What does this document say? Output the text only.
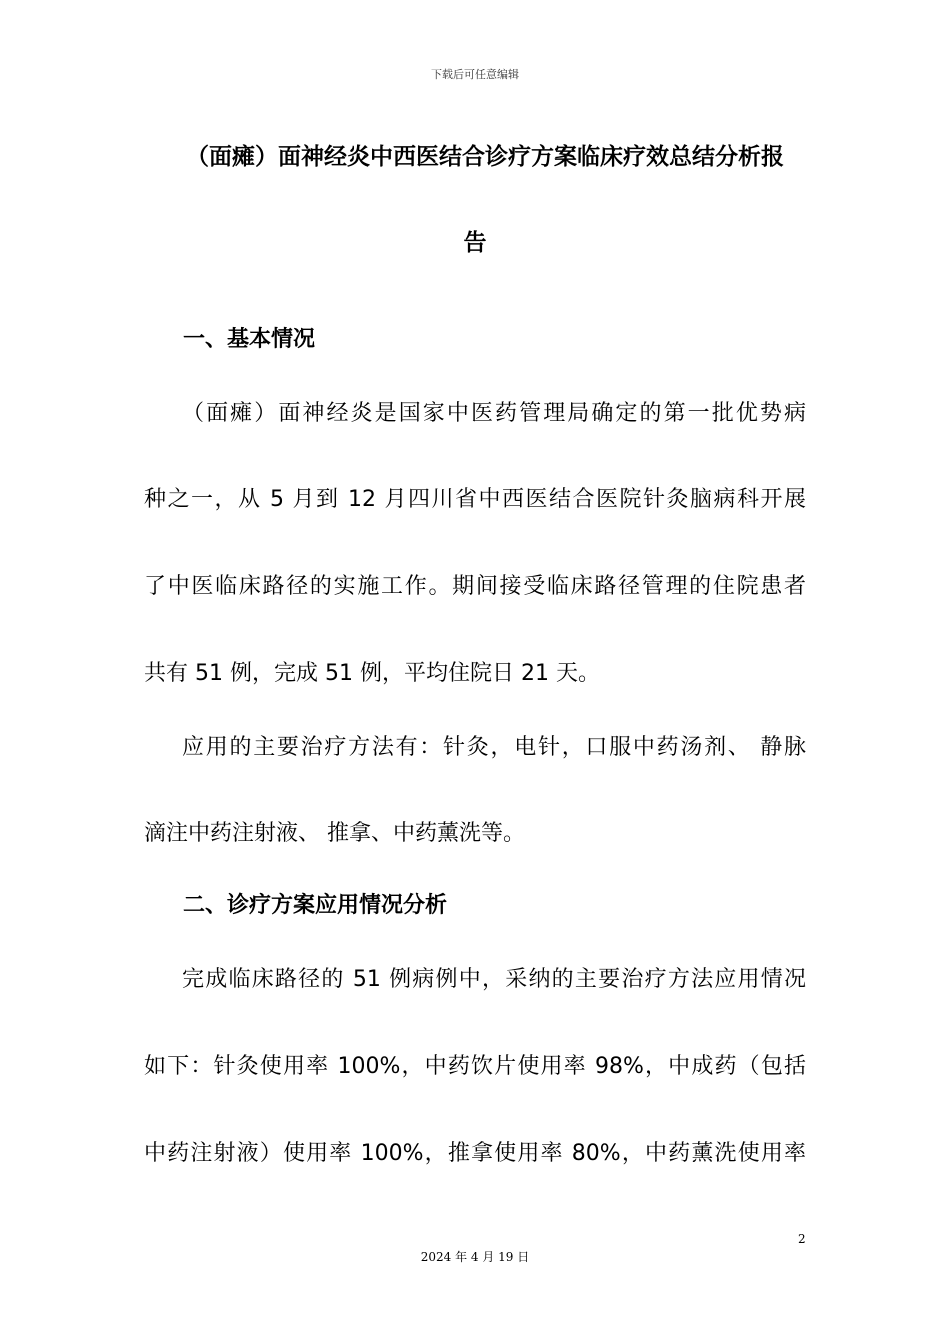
下载后可任意编辑
（面瘫）面神经炎中西医结合诊疗方案临床疗效总结分析报
告
一、基本情况
（面瘫）面神经炎是国家中医药管理局确定的第一批优势病
种之一，从 5 月到 12 月四川省中西医结合医院针灸脑病科开展
了中医临床路径的实施工作。期间接受临床路径管理的住院患者
共有 51 例，完成 51 例，平均住院日 21 天。
应用的主要治疗方法有：针灸，电针，口服中药汤剂、 静脉
滴注中药注射液、 推拿、中药薰洗等。
二、诊疗方案应用情况分析
完成临床路径的 51 例病例中，采纳的主要治疗方法应用情况
如下：针灸使用率 100%，中药饮片使用率 98%，中成药（包括
中药注射液）使用率 100%，推拿使用率 80%，中药薰洗使用率
2
2024 年 4 月 19 日
